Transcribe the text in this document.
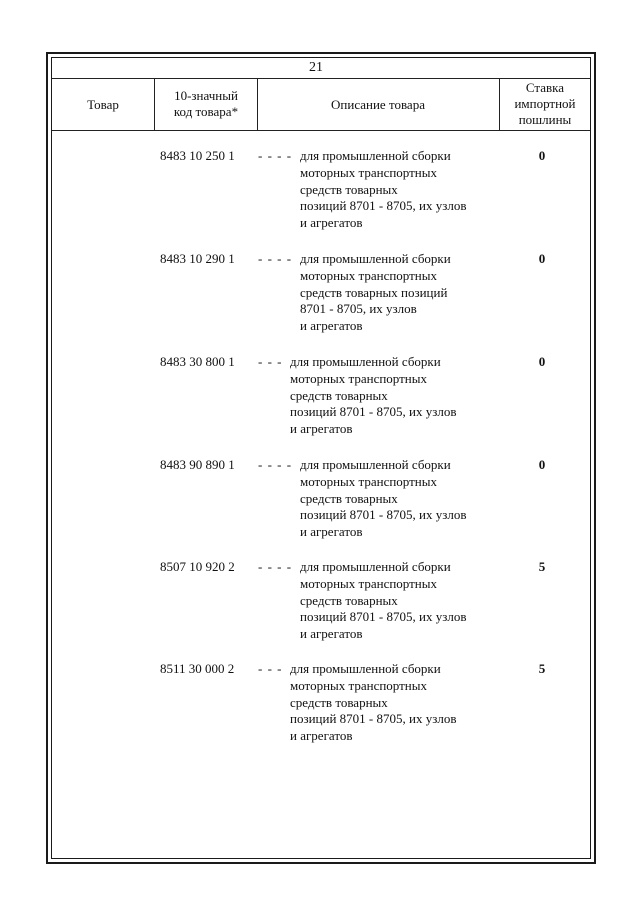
21
Товар
10-значный
код товара*	Описание товара
Ставка
импортной
пошлины
8483 10 250 1 - - - - для промышленной сборки
моторных транспортных
средств товарных
позиций 8701 - 8705, их узлов
и агрегатов
0
8483 10 290 1 - - - - для промышленной сборки
моторных транспортных
средств товарных позиций
8701 - 8705, их узлов
и агрегатов
0
8483 30 800 1 - - - для промышленной сборки
моторных транспортных
средств товарных
позиций 8701 - 8705, их узлов
и агрегатов
0
8483 90 890 1 - - - - для промышленной сборки
моторных транспортных
средств товарных
позиций 8701 - 8705, их узлов
и агрегатов
0
8507 10 920 2 - - - - для промышленной сборки
моторных транспортных
средств товарных
позиций 8701 - 8705, их узлов
и агрегатов
5
8511 30 000 2 - - - для промышленной сборки
моторных транспортных
средств товарных
позиций 8701 - 8705, их узлов
и агрегатов
5
